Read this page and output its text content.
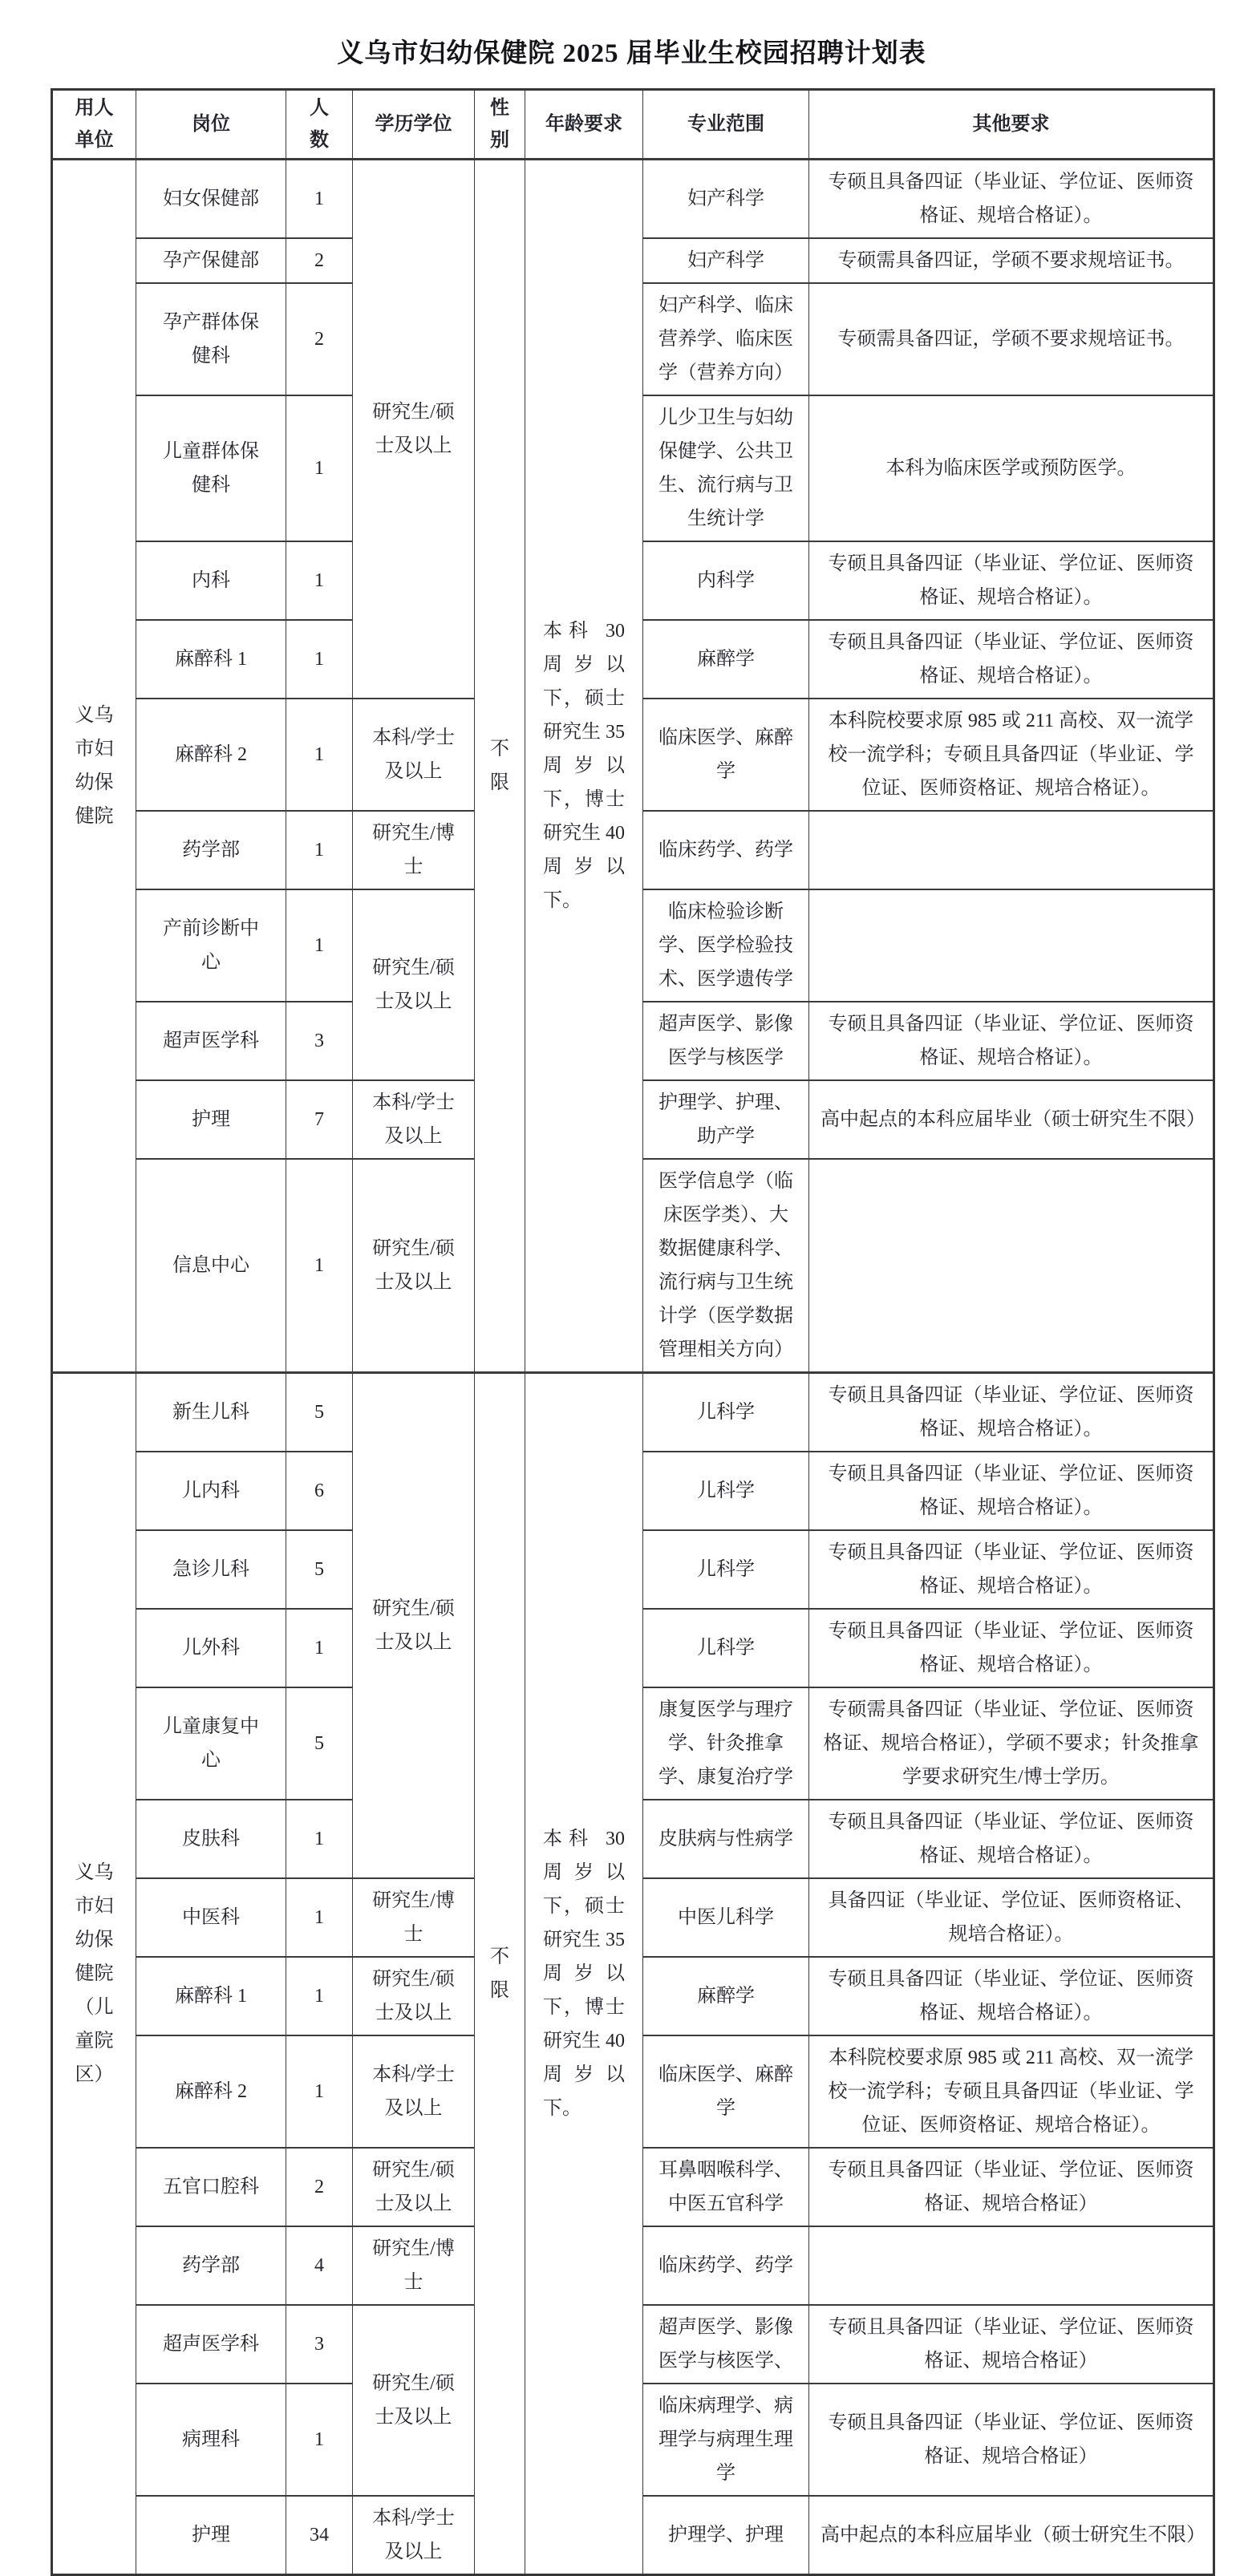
义乌市妇幼保健院 2025 届毕业生校园招聘计划表
用人单位	岗位	人数	学历学位	性别	年龄要求	专业范围	其他要求
义乌市妇幼保健院	妇女保健部	1	研究生/硕士及以上	不限	本科 30 周岁以下，硕士研究生 35 周岁以下，博士研究生 40 周岁以下。	妇产科学	专硕且具备四证（毕业证、学位证、医师资格证、规培合格证）。
	孕产保健部	2				妇产科学	专硕需具备四证，学硕不要求规培证书。
	孕产群体保健科	2				妇产科学、临床营养学、临床医学（营养方向）	专硕需具备四证，学硕不要求规培证书。
	儿童群体保健科	1				儿少卫生与妇幼保健学、公共卫生、流行病与卫生统计学	本科为临床医学或预防医学。
	内科	1				内科学	专硕且具备四证（毕业证、学位证、医师资格证、规培合格证）。
	麻醉科 1	1				麻醉学	专硕且具备四证（毕业证、学位证、医师资格证、规培合格证）。
	麻醉科 2	1	本科/学士及以上			临床医学、麻醉学	本科院校要求原 985 或 211 高校、双一流学校一流学科；专硕且具备四证（毕业证、学位证、医师资格证、规培合格证）。
	药学部	1	研究生/博士			临床药学、药学	
	产前诊断中心	1	研究生/硕士及以上			临床检验诊断学、医学检验技术、医学遗传学	
	超声医学科	3				超声医学、影像医学与核医学	专硕且具备四证（毕业证、学位证、医师资格证、规培合格证）。
	护理	7	本科/学士及以上			护理学、护理、助产学	高中起点的本科应届毕业（硕士研究生不限）
	信息中心	1	研究生/硕士及以上			医学信息学（临床医学类）、大数据健康科学、流行病与卫生统计学（医学数据管理相关方向）	
义乌市妇幼保健院（儿童院区）	新生儿科	5	研究生/硕士及以上	不限	本科 30 周岁以下，硕士研究生 35 周岁以下，博士研究生 40 周岁以下。	儿科学	专硕且具备四证（毕业证、学位证、医师资格证、规培合格证）。
	儿内科	6				儿科学	专硕且具备四证（毕业证、学位证、医师资格证、规培合格证）。
	急诊儿科	5				儿科学	专硕且具备四证（毕业证、学位证、医师资格证、规培合格证）。
	儿外科	1				儿科学	专硕且具备四证（毕业证、学位证、医师资格证、规培合格证）。
	儿童康复中心	5				康复医学与理疗学、针灸推拿学、康复治疗学	专硕需具备四证（毕业证、学位证、医师资格证、规培合格证），学硕不要求；针灸推拿学要求研究生/博士学历。
	皮肤科	1				皮肤病与性病学	专硕且具备四证（毕业证、学位证、医师资格证、规培合格证）。
	中医科	1	研究生/博士			中医儿科学	具备四证（毕业证、学位证、医师资格证、规培合格证）。
	麻醉科 1	1	研究生/硕士及以上			麻醉学	专硕且具备四证（毕业证、学位证、医师资格证、规培合格证）。
	麻醉科 2	1	本科/学士及以上			临床医学、麻醉学	本科院校要求原 985 或 211 高校、双一流学校一流学科；专硕且具备四证（毕业证、学位证、医师资格证、规培合格证）。
	五官口腔科	2	研究生/硕士及以上			耳鼻咽喉科学、中医五官科学	专硕且具备四证（毕业证、学位证、医师资格证、规培合格证）
	药学部	4	研究生/博士			临床药学、药学	
	超声医学科	3	研究生/硕士及以上			超声医学、影像医学与核医学、	专硕且具备四证（毕业证、学位证、医师资格证、规培合格证）
	病理科	1				临床病理学、病理学与病理生理学	专硕且具备四证（毕业证、学位证、医师资格证、规培合格证）
	护理	34	本科/学士及以上			护理学、护理	高中起点的本科应届毕业（硕士研究生不限）
